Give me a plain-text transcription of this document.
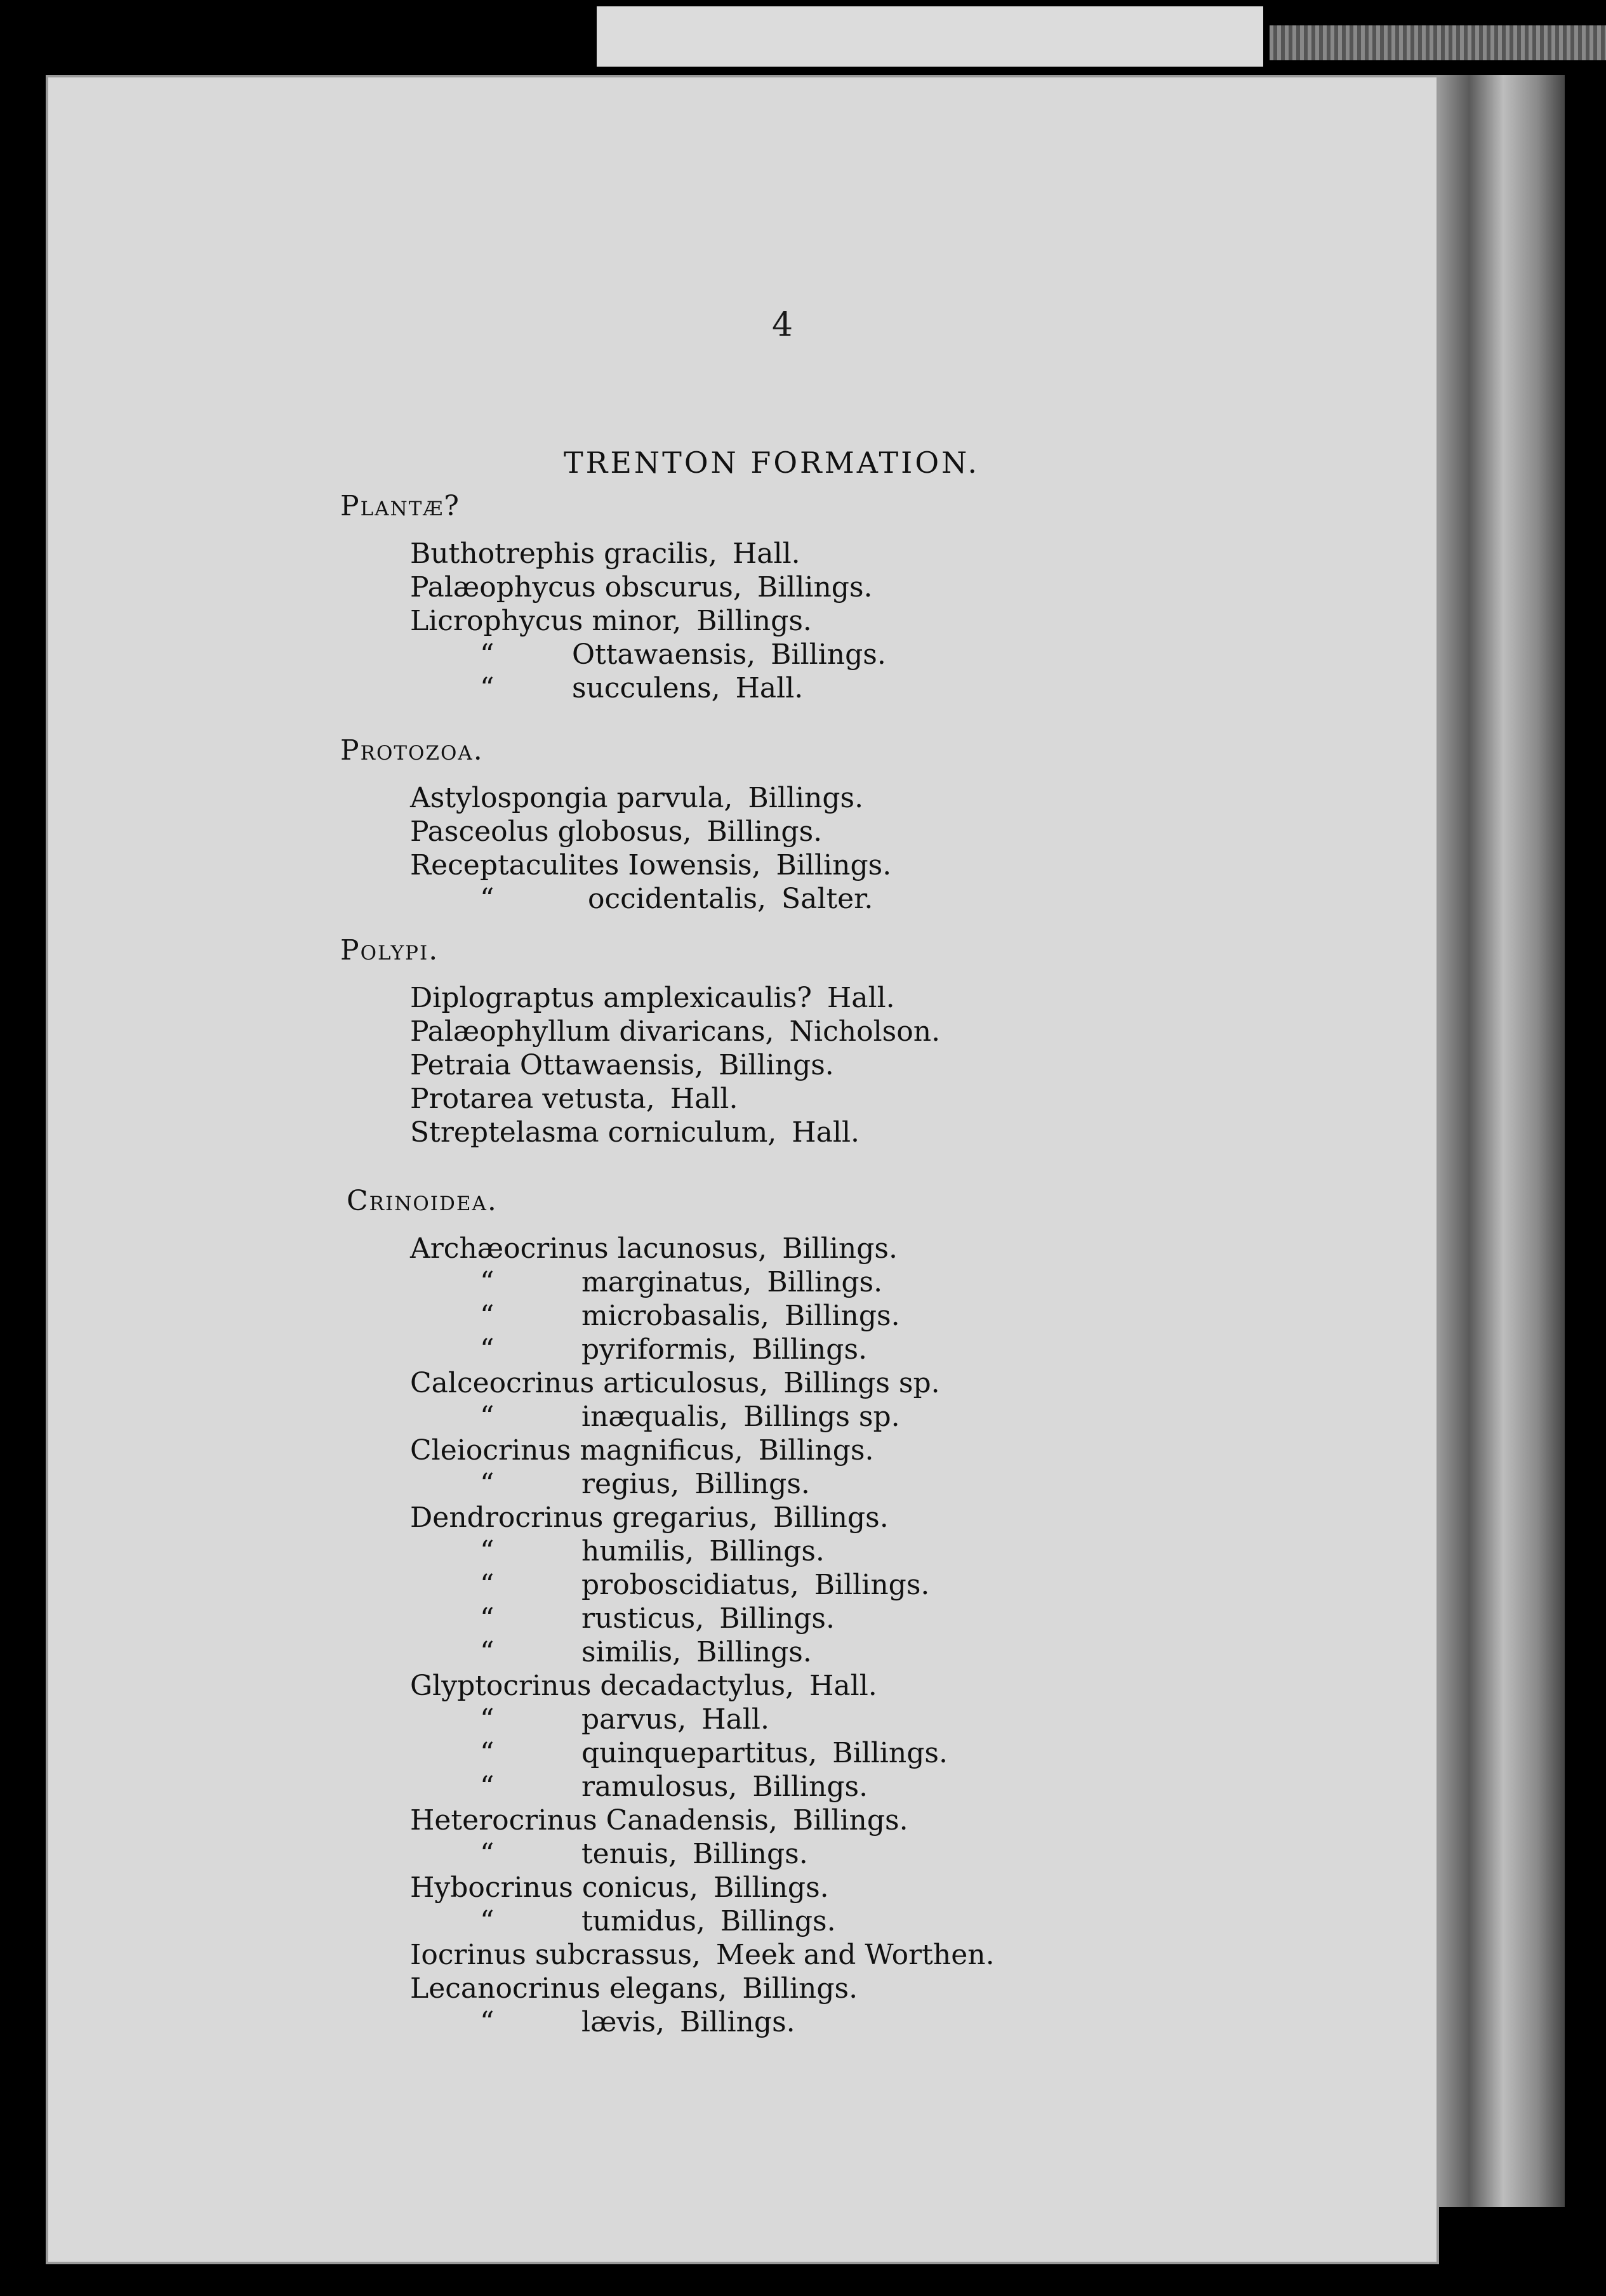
4
TRENTON FORMATION.
Plantæ?
Buthotrephis gracilis, Hall.
Palæophycus obscurus, Billings.
Licrophycus minor, Billings.
“	Ottawaensis, Billings.
“	succulens, Hall.
Protozoa.
Astylospongia parvula, Billings.
Pasceolus globosus, Billings.
Receptaculites Iowensis, Billings.
“	occidentalis, Salter.
Polypi.
Diplograptus amplexicaulis? Hall.
Palæophyllum divaricans, Nicholson.
Petraia Ottawaensis, Billings.
Protarea vetusta, Hall.
Streptelasma corniculum, Hall.
Crinoidea.
Archæocrinus lacunosus, Billings.
“	marginatus, Billings.
“	microbasalis, Billings.
“	pyriformis, Billings.
Calceocrinus articulosus, Billings sp.
“	inæqualis, Billings sp.
Cleiocrinus magnificus, Billings.
“	regius, Billings.
Dendrocrinus gregarius, Billings.
“	humilis, Billings.
“	proboscidiatus, Billings.
“	rusticus, Billings.
“	similis, Billings.
Glyptocrinus decadactylus, Hall.
“	parvus, Hall.
“	quinquepartitus, Billings.
“	ramulosus, Billings.
Heterocrinus Canadensis, Billings.
“	tenuis, Billings.
Hybocrinus conicus, Billings.
“	tumidus, Billings.
Iocrinus subcrassus, Meek and Worthen.
Lecanocrinus elegans, Billings.
“	lævis, Billings.
